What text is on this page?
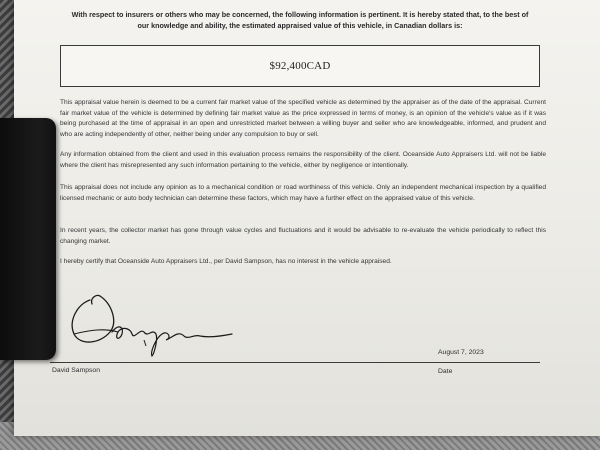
With respect to insurers or others who may be concerned, the following information is pertinent. It is hereby stated that, to the best of our knowledge and ability, the estimated appraised value of this vehicle, in Canadian dollars is:
$92,400CAD

This appraisal value herein is deemed to be a current fair market value of the specified vehicle as determined by the appraiser as of the date of the appraisal. Current fair market value of the vehicle is determined by defining fair market value as the price expressed in terms of money, is an opinion of the vehicle's value as if it was being purchased at the time of appraisal in an open and unrestricted market between a willing buyer and seller who are knowledgeable, informed, and prudent and who are acting independently of other, neither being under any compulsion to buy or sell.

Any information obtained from the client and used in this evaluation process remains the responsibility of the client. Oceanside Auto Appraisers Ltd. will not be liable where the client has misrepresented any such information pertaining to the vehicle, either by negligence or intentionally.

This appraisal does not include any opinion as to a mechanical condition or road worthiness of this vehicle. Only an independent mechanical inspection by a qualified licensed mechanic or auto body technician can determine these factors, which may have a further effect on the appraised value of this vehicle.

In recent years, the collector market has gone through value cycles and fluctuations and it would be advisable to re-evaluate the vehicle periodically to reflect this changing market.

I hereby certify that Oceanside Auto Appraisers Ltd., per David Sampson, has no interest in the vehicle appraised.

August 7, 2023
David Sampson	Date
